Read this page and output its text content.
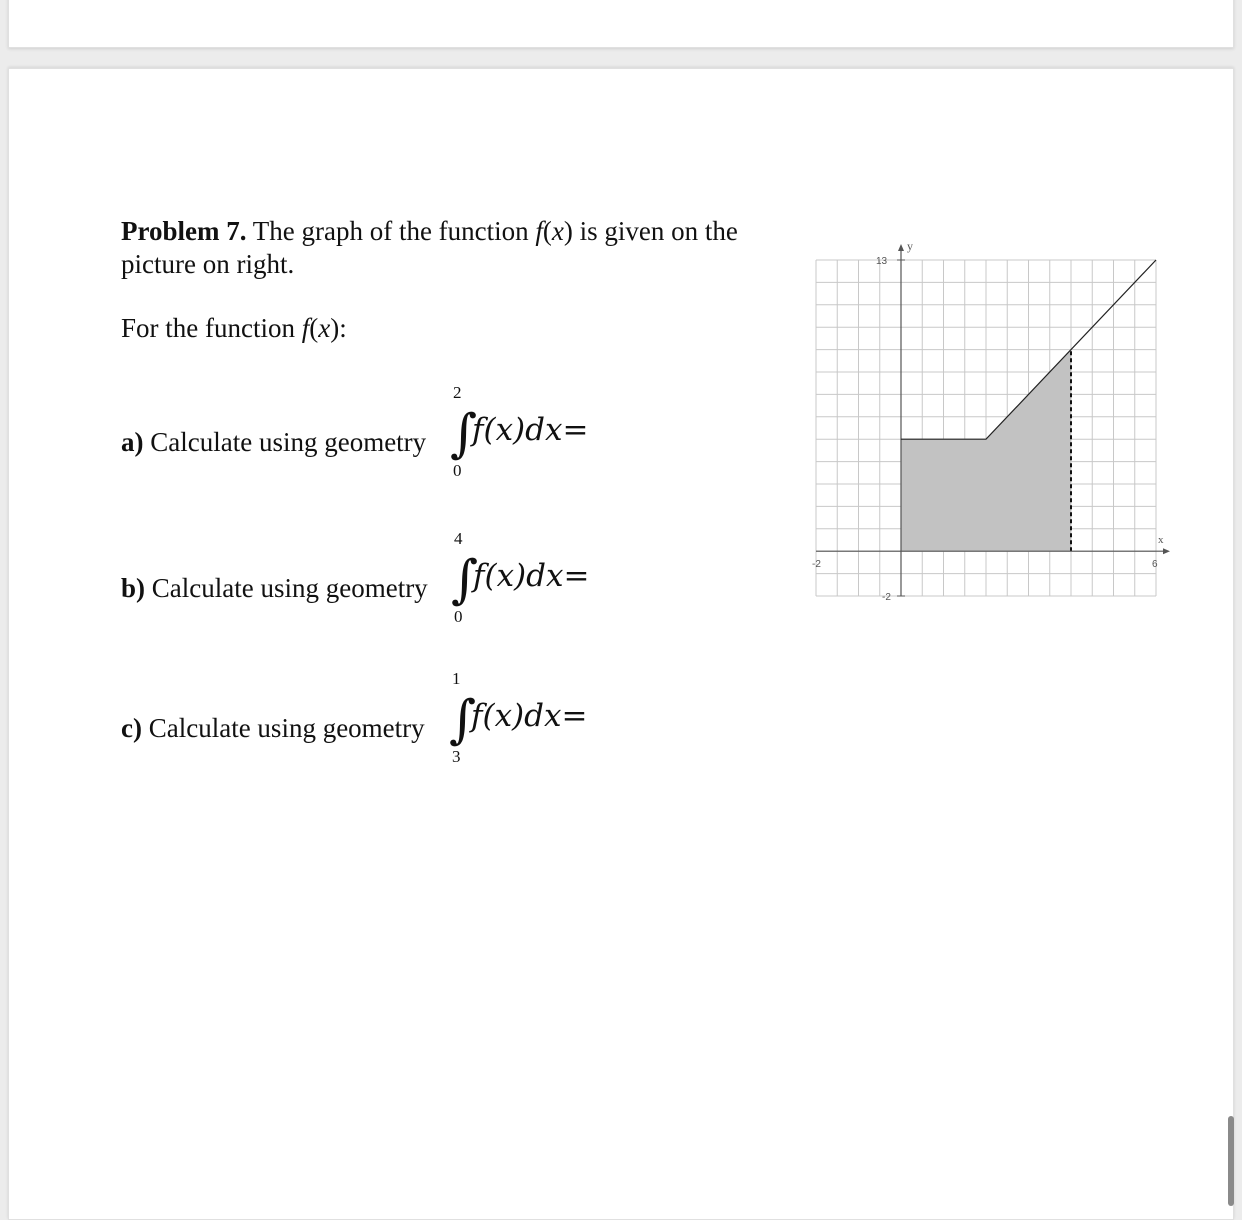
Problem 7. The graph of the function f(x) is given on the
picture on right.
For the function f(x):
a) Calculate using geometry
2
∫
0
f(x)dx=
b) Calculate using geometry
4
∫
0
f(x)dx=
c) Calculate using geometry
1
∫
3
f(x)dx=
x
y
-2	6
13
-2
